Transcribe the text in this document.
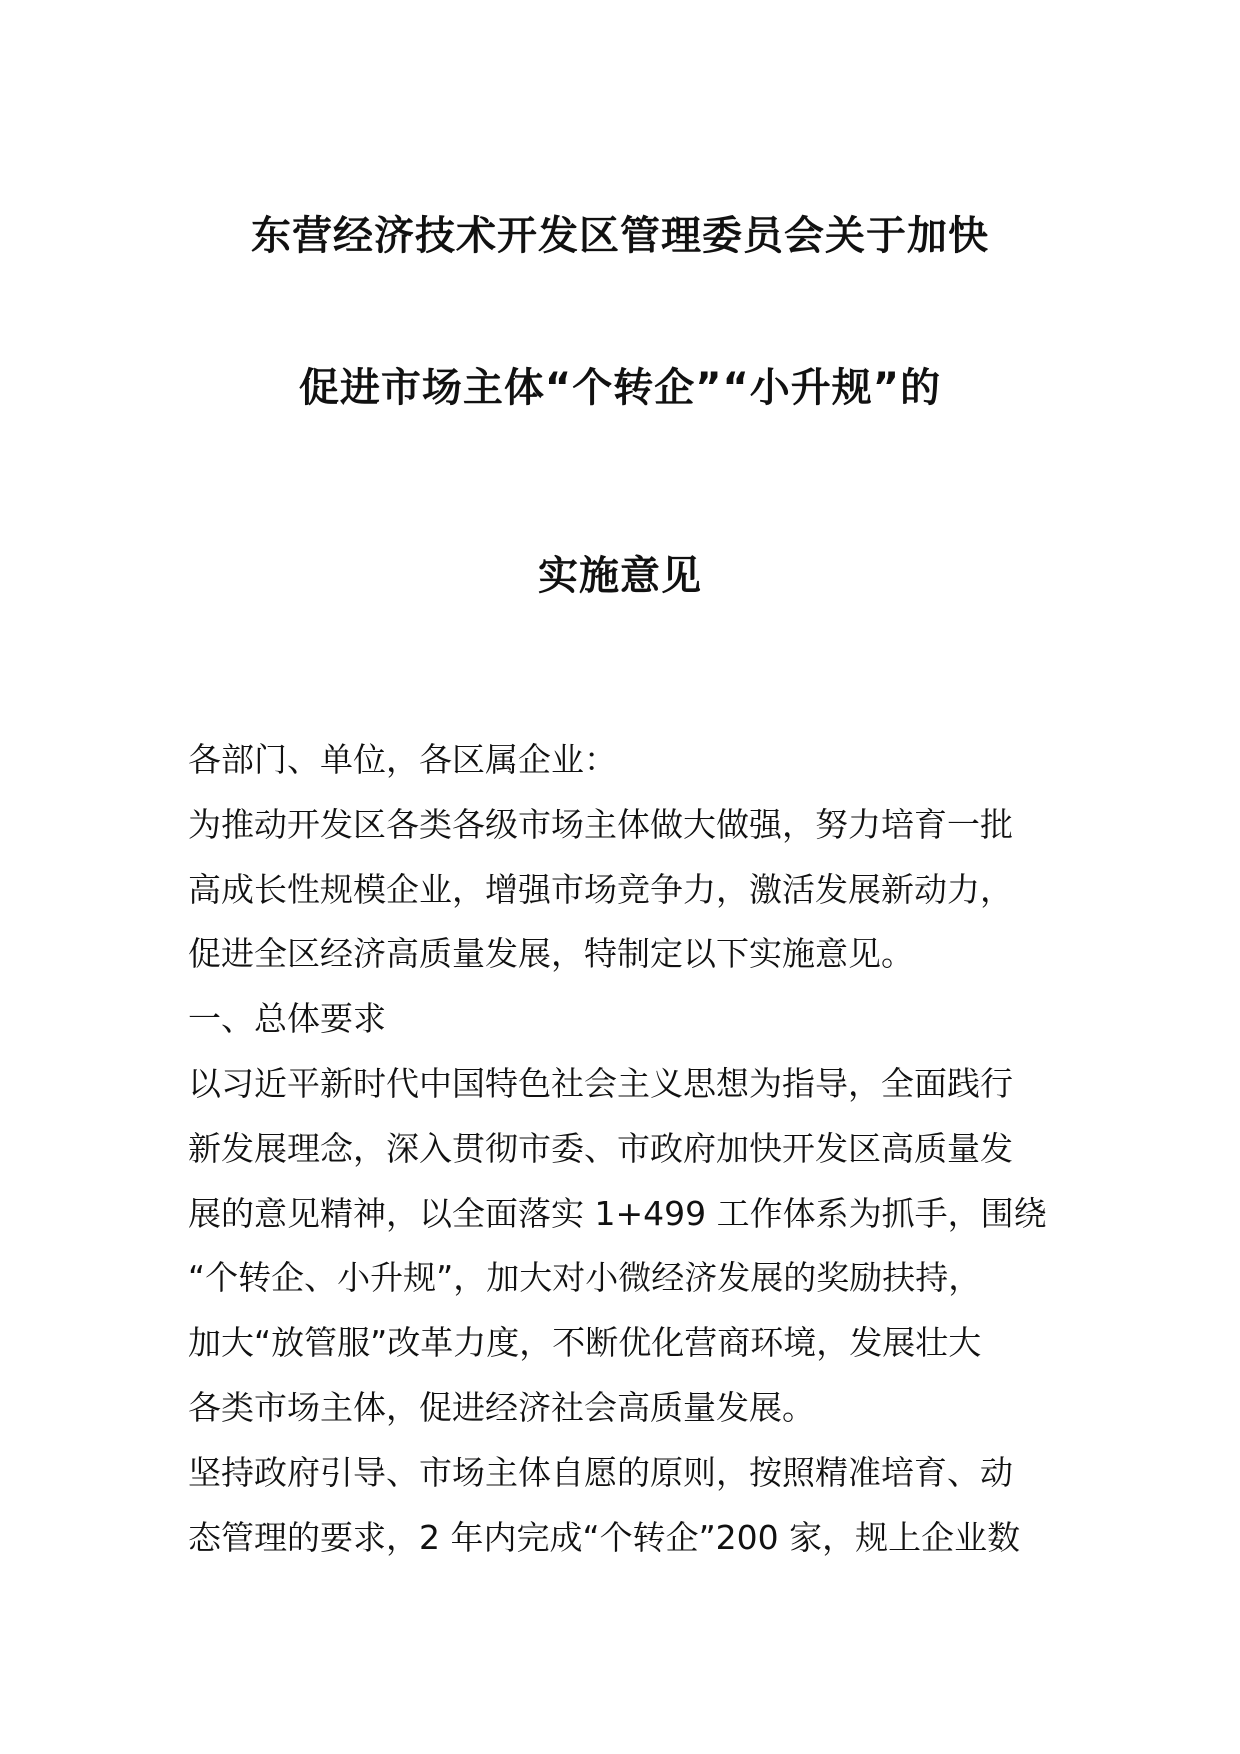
东营经济技术开发区管理委员会关于加快
促进市场主体“个转企”“小升规”的
实施意见

各部门、单位，各区属企业：

为推动开发区各类各级市场主体做大做强，努力培育一批
高成长性规模企业，增强市场竞争力，激活发展新动力，
促进全区经济高质量发展，特制定以下实施意见。

一、总体要求

以习近平新时代中国特色社会主义思想为指导，全面践行
新发展理念，深入贯彻市委、市政府加快开发区高质量发
展的意见精神，以全面落实 1+499 工作体系为抓手，围绕
“个转企、小升规”，加大对小微经济发展的奖励扶持，
加大“放管服”改革力度，不断优化营商环境，发展壮大
各类市场主体，促进经济社会高质量发展。

坚持政府引导、市场主体自愿的原则，按照精准培育、动
态管理的要求，2 年内完成“个转企”200 家，规上企业数
